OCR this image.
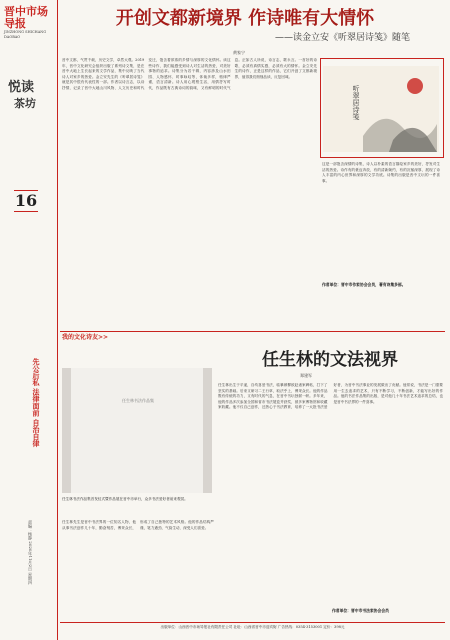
晋中市场导报
JINZHONG SHICHANG DAOBAO
悦读
茶坊
16
先公后私 法律面前 自治自律
责编：杨静 2020年11月2日 星期四
开创文都新境界 作诗唯有大情怀
——读金立安《听翠居诗笺》随笔
黄家宁
晋中文都，气贯千载，历史文学，卓然大观。2019年，晋中文化研究会组织出版了系列诗文集，是在晋中大地上生长起来的文学作品，集中反映了当代诗人对家乡的热爱。金立安先生的《听翠居诗笺》就是其中很有代表性的一部。作者以诗言志，以诗抒情，记录了晋中大地山川风物、人文历史和时代变迁，饱含着浓浓的乡情与深厚的文化情怀。读这些诗作，我们能感受到诗人对生活的热爱，对美好事物的追求。诗集分为若干辑，内容涉及山水田园、人物感怀、时事咏叹等，体裁多样，格律严谨，语言清新。诗人用心观察生活，用情抒写时代，作品既有古典诗词的韵味，又有鲜明的时代气息。正如古人所说，诗言志，歌永言。一首好的诗歌，必须有真情实感，必须有大的情怀。金立安先生的诗作，正是这样的作品，它们开创了文都新境界，值得我们细细品读，反复回味。
听翠居诗笺
这是一部饱含深情的诗集，诗人以朴素的语言描绘家乡的美好，抒发对生活的热爱。诗作有的豪迈奔放，有的清新婉约，有的沉郁深厚，展现了诗人丰富的内心世界和深厚的文学功底。诗集的出版是晋中文坛的一件喜事。
作者单位：晋中市作家协会会员，著有诗集多部。
我的文化诗友>>
任生林的文法视界
郑建军
任生林书法作品集
任生林书法作品集首发仪式暨作品展在晋中市举行，众多书法爱好者前来观赏。
任生林先生是晋中书法界的一位知名人物，他从事书法创作几十年，勤奋刻苦，博采众长，形成了自己独特的艺术风格。他的作品结构严谨，笔力遒劲，气韵生动，深受人们喜爱。
任生林出生于平遥，自幼喜爱书法，临摹颜柳欧赵诸家碑帖，打下了坚实的基础。后来又研习二王行草，取法乎上，博采众长。他的作品既有传统的功力，又有时代的气息，在晋中书坛独树一帜。多年来，他的作品多次参加全国和省市书法展览并获奖，被多家博物馆和收藏家收藏。他不仅自己创作，还热心于书法教育，培养了一大批书法爱好者，为晋中书法事业的发展做出了贡献。他常说，书法是一门需要用一生去追求的艺术，只有不断学习，不断创新，才能写出好的作品。他的书法作品集的出版，是对他几十年书法艺术追求的总结，也是晋中书法界的一件喜事。
作者单位：晋中市书法家协会会员
出版单位：山西晋中市场导报社有限责任公司 社址：山西省晋中市迎宾街 广告热线：0354-3153001 定价：398元
